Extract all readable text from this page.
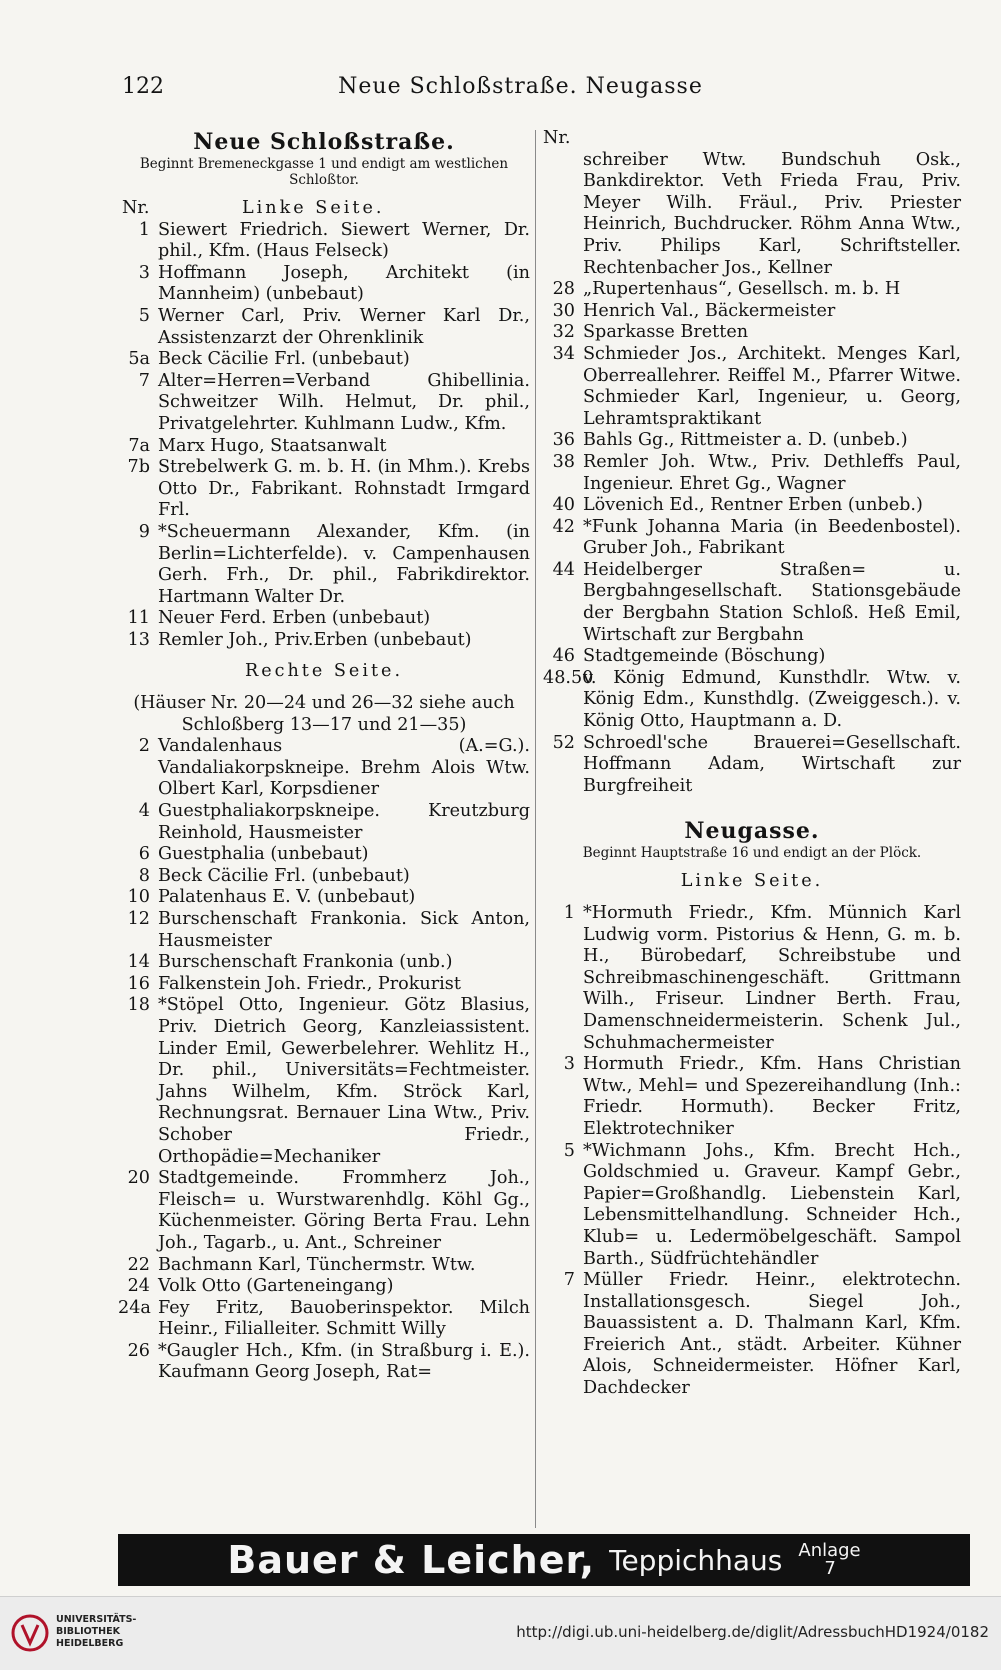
122	Neue Schloßstraße. Neugasse
Neue Schloßstraße.
Beginnt Bremeneckgasse 1 und endigt am westlichen Schloßtor.
Nr.	Linke Seite.
1 Siewert Friedrich. Siewert Werner, Dr. phil., Kfm. (Haus Felseck)
3 Hoffmann Joseph, Architekt (in Mannheim) (unbebaut)
5 Werner Carl, Priv. Werner Karl Dr., Assistenzarzt der Ohrenklinik
5a Beck Cäcilie Frl. (unbebaut)
7 Alter=Herren=Verband Ghibellinia. Schweitzer Wilh. Helmut, Dr. phil., Privatgelehrter. Kuhlmann Ludw., Kfm.
7a Marx Hugo, Staatsanwalt
7b Strebelwerk G. m. b. H. (in Mhm.). Krebs Otto Dr., Fabrikant. Rohnstadt Irmgard Frl.
9 *Scheuermann Alexander, Kfm. (in Berlin=Lichterfelde). v. Campenhausen Gerh. Frh., Dr. phil., Fabrikdirektor. Hartmann Walter Dr.
11 Neuer Ferd. Erben (unbebaut)
13 Remler Joh., Priv.Erben (unbebaut)
Rechte Seite.
(Häuser Nr. 20—24 und 26—32 siehe auch Schloßberg 13—17 und 21—35)
2 Vandalenhaus (A.=G.). Vandaliakorpskneipe. Brehm Alois Wtw. Olbert Karl, Korpsdiener
4 Guestphaliakorpskneipe. Kreutzburg Reinhold, Hausmeister
6 Guestphalia (unbebaut)
8 Beck Cäcilie Frl. (unbebaut)
10 Palatenhaus E. V. (unbebaut)
12 Burschenschaft Frankonia. Sick Anton, Hausmeister
14 Burschenschaft Frankonia (unb.)
16 Falkenstein Joh. Friedr., Prokurist
18 *Stöpel Otto, Ingenieur. Götz Blasius, Priv. Dietrich Georg, Kanzleiassistent. Linder Emil, Gewerbelehrer. Wehlitz H., Dr. phil., Universitäts=Fechtmeister. Jahns Wilhelm, Kfm. Ströck Karl, Rechnungsrat. Bernauer Lina Wtw., Priv. Schober Friedr., Orthopädie=Mechaniker
20 Stadtgemeinde. Frommherz Joh., Fleisch= u. Wurstwarenhdlg. Köhl Gg., Küchenmeister. Göring Berta Frau. Lehn Joh., Tagarb., u. Ant., Schreiner
22 Bachmann Karl, Tünchermstr. Wtw.
24 Volk Otto (Garteneingang)
24a Fey Fritz, Bauoberinspektor. Milch Heinr., Filialleiter. Schmitt Willy
26 *Gaugler Hch., Kfm. (in Straßburg i. E.). Kaufmann Georg Joseph, Rat=
Nr.
schreiber Wtw. Bundschuh Osk., Bankdirektor. Veth Frieda Frau, Priv. Meyer Wilh. Fräul., Priv. Priester Heinrich, Buchdrucker. Röhm Anna Wtw., Priv. Philips Karl, Schriftsteller. Rechtenbacher Jos., Kellner
28 „Rupertenhaus“, Gesellsch. m. b. H
30 Henrich Val., Bäckermeister
32 Sparkasse Bretten
34 Schmieder Jos., Architekt. Menges Karl, Oberreallehrer. Reiffel M., Pfarrer Witwe. Schmieder Karl, Ingenieur, u. Georg, Lehramtspraktikant
36 Bahls Gg., Rittmeister a. D. (unbeb.)
38 Remler Joh. Wtw., Priv. Dethleffs Paul, Ingenieur. Ehret Gg., Wagner
40 Lövenich Ed., Rentner Erben (unbeb.)
42 *Funk Johanna Maria (in Beedenbostel). Gruber Joh., Fabrikant
44 Heidelberger Straßen= u. Bergbahngesellschaft. Stationsgebäude der Bergbahn Station Schloß. Heß Emil, Wirtschaft zur Bergbahn
46 Stadtgemeinde (Böschung)
48.50
v. König Edmund, Kunsthdlr. Wtw. v. König Edm., Kunsthdlg. (Zweiggesch.). v. König Otto, Hauptmann a. D.
52 Schroedl'sche Brauerei=Gesellschaft. Hoffmann Adam, Wirtschaft zur Burgfreiheit
Neugasse.
Beginnt Hauptstraße 16 und endigt an der Plöck.
Linke Seite.
1 *Hormuth Friedr., Kfm. Münnich Karl Ludwig vorm. Pistorius & Henn, G. m. b. H., Bürobedarf, Schreibstube und Schreibmaschinengeschäft. Grittmann Wilh., Friseur. Lindner Berth. Frau, Damenschneidermeisterin. Schenk Jul., Schuhmachermeister
3 Hormuth Friedr., Kfm. Hans Christian Wtw., Mehl= und Spezereihandlung (Inh.: Friedr. Hormuth). Becker Fritz, Elektrotechniker
5 *Wichmann Johs., Kfm. Brecht Hch., Goldschmied u. Graveur. Kampf Gebr., Papier=Großhandlg. Liebenstein Karl, Lebensmittelhandlung. Schneider Hch., Klub= u. Ledermöbelgeschäft. Sampol Barth., Südfrüchtehändler
7 Müller Friedr. Heinr., elektrotechn. Installationsgesch. Siegel Joh., Bauassistent a. D. Thalmann Karl, Kfm. Freierich Ant., städt. Arbeiter. Kühner Alois, Schneidermeister. Höfner Karl, Dachdecker
Bauer & Leicher, Teppichhaus Anlage
7
UNIVERSITÄTS-
BIBLIOTHEK
HEIDELBERG
http://digi.ub.uni-heidelberg.de/diglit/AdressbuchHD1924/0182
